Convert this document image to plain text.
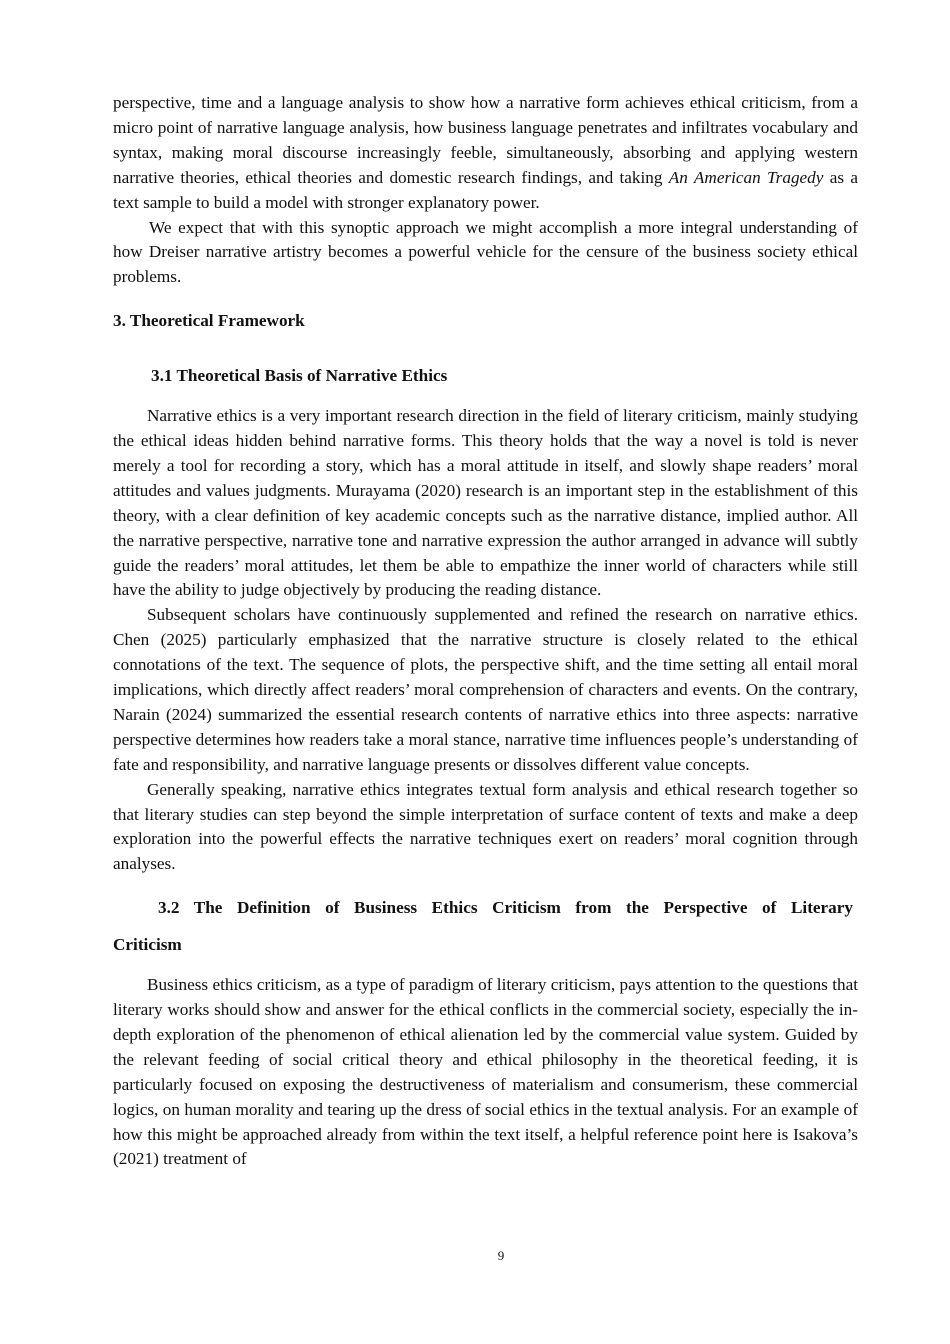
perspective, time and a language analysis to show how a narrative form achieves ethical criticism, from a micro point of narrative language analysis, how business language penetrates and infiltrates vocabulary and syntax, making moral discourse increasingly feeble, simultaneously, absorbing and applying western narrative theories, ethical theories and domestic research findings, and taking An American Tragedy as a text sample to build a model with stronger explanatory power.

We expect that with this synoptic approach we might accomplish a more integral understanding of how Dreiser narrative artistry becomes a powerful vehicle for the censure of the business society ethical problems.

3. Theoretical Framework
3.1 Theoretical Basis of Narrative Ethics

Narrative ethics is a very important research direction in the field of literary criticism, mainly studying the ethical ideas hidden behind narrative forms. This theory holds that the way a novel is told is never merely a tool for recording a story, which has a moral attitude in itself, and slowly shape readers’ moral attitudes and values judgments. Murayama (2020) research is an important step in the establishment of this theory, with a clear definition of key academic concepts such as the narrative distance, implied author. All the narrative perspective, narrative tone and narrative expression the author arranged in advance will subtly guide the readers’ moral attitudes, let them be able to empathize the inner world of characters while still have the ability to judge objectively by producing the reading distance.

Subsequent scholars have continuously supplemented and refined the research on narrative ethics. Chen (2025) particularly emphasized that the narrative structure is closely related to the ethical connotations of the text. The sequence of plots, the perspective shift, and the time setting all entail moral implications, which directly affect readers’ moral comprehension of characters and events. On the contrary, Narain (2024) summarized the essential research contents of narrative ethics into three aspects: narrative perspective determines how readers take a moral stance, narrative time influences people’s understanding of fate and responsibility, and narrative language presents or dissolves different value concepts.

Generally speaking, narrative ethics integrates textual form analysis and ethical research together so that literary studies can step beyond the simple interpretation of surface content of texts and make a deep exploration into the powerful effects the narrative techniques exert on readers’ moral cognition through analyses.

3.2 The Definition of Business Ethics Criticism from the Perspective of Literary
Criticism

Business ethics criticism, as a type of paradigm of literary criticism, pays attention to the questions that literary works should show and answer for the ethical conflicts in the commercial society, especially the in-depth exploration of the phenomenon of ethical alienation led by the commercial value system. Guided by the relevant feeding of social critical theory and ethical philosophy in the theoretical feeding, it is particularly focused on exposing the destructiveness of materialism and consumerism, these commercial logics, on human morality and tearing up the dress of social ethics in the textual analysis. For an example of how this might be approached already from within the text itself, a helpful reference point here is Isakova’s (2021) treatment of

9
